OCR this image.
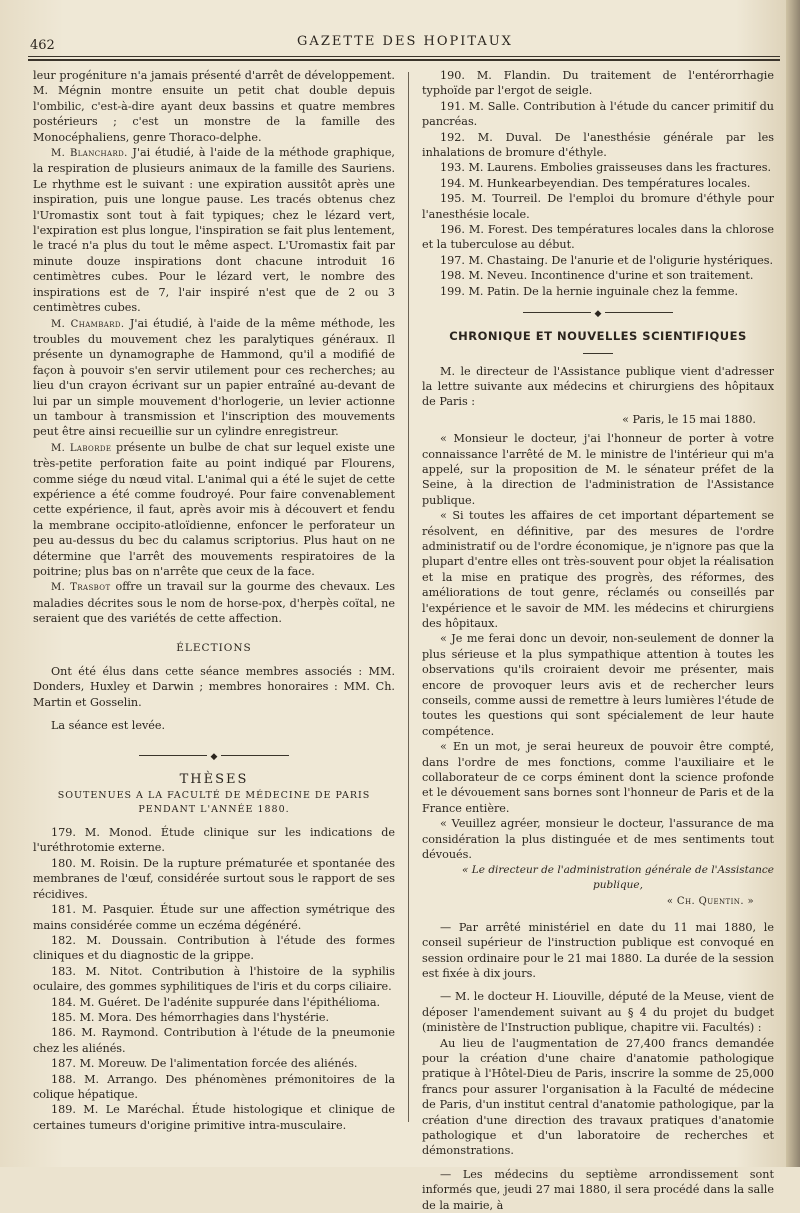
462	GAZETTE DES HOPITAUX

leur progéniture n'a jamais présenté d'arrêt de développement. M. Mégnin montre ensuite un petit chat double depuis l'ombilic, c'est-à-dire ayant deux bassins et quatre membres postérieurs ; c'est un monstre de la famille des Monocéphaliens, genre Thoraco-delphe.

M. Blanchard. J'ai étudié, à l'aide de la méthode graphique, la respiration de plusieurs animaux de la famille des Sauriens. Le rhythme est le suivant : une expiration aussitôt après une inspiration, puis une longue pause. Les tracés obtenus chez l'Uromastix sont tout à fait typiques; chez le lézard vert, l'expiration est plus longue, l'inspiration se fait plus lentement, le tracé n'a plus du tout le même aspect. L'Uromastix fait par minute douze inspirations dont chacune introduit 16 centimètres cubes. Pour le lézard vert, le nombre des inspirations est de 7, l'air inspiré n'est que de 2 ou 3 centimètres cubes.

M. Chambard. J'ai étudié, à l'aide de la même méthode, les troubles du mouvement chez les paralytiques généraux. Il présente un dynamographe de Hammond, qu'il a modifié de façon à pouvoir s'en servir utilement pour ces recherches; au lieu d'un crayon écrivant sur un papier entraîné au-devant de lui par un simple mouvement d'horlogerie, un levier actionne un tambour à transmission et l'inscription des mouvements peut être ainsi recueillie sur un cylindre enregistreur.

M. Laborde présente un bulbe de chat sur lequel existe une très-petite perforation faite au point indiqué par Flourens, comme siége du nœud vital. L'animal qui a été le sujet de cette expérience a été comme foudroyé. Pour faire convenablement cette expérience, il faut, après avoir mis à découvert et fendu la membrane occipito-atloïdienne, enfoncer le perforateur un peu au-dessus du bec du calamus scriptorius. Plus haut on ne détermine que l'arrêt des mouvements respiratoires de la poitrine; plus bas on n'arrête que ceux de la face.

M. Trasbot offre un travail sur la gourme des chevaux. Les maladies décrites sous le nom de horse-pox, d'herpès coïtal, ne seraient que des variétés de cette affection.

ÉLECTIONS

Ont été élus dans cette séance membres associés : MM. Donders, Huxley et Darwin ; membres honoraires : MM. Ch. Martin et Gosselin.

La séance est levée.

◆
THÈSES
SOUTENUES A LA FACULTÉ DE MÉDECINE DE PARIS PENDANT L'ANNÉE 1880.

179. M. Monod. Étude clinique sur les indications de l'uréthrotomie externe.

180. M. Roisin. De la rupture prématurée et spontanée des membranes de l'œuf, considérée surtout sous le rapport de ses récidives.

181. M. Pasquier. Étude sur une affection symétrique des mains considérée comme un eczéma dégénéré.

182. M. Doussain. Contribution à l'étude des formes cliniques et du diagnostic de la grippe.

183. M. Nitot. Contribution à l'histoire de la syphilis oculaire, des gommes syphilitiques de l'iris et du corps ciliaire.

184. M. Guéret. De l'adénite suppurée dans l'épithélioma.

185. M. Mora. Des hémorrhagies dans l'hystérie.

186. M. Raymond. Contribution à l'étude de la pneumonie chez les aliénés.

187. M. Moreuw. De l'alimentation forcée des aliénés.

188. M. Arrango. Des phénomènes prémonitoires de la colique hépatique.

189. M. Le Maréchal. Étude histologique et clinique de certaines tumeurs d'origine primitive intra-musculaire.

190. M. Flandin. Du traitement de l'entérorrhagie typhoïde par l'ergot de seigle.

191. M. Salle. Contribution à l'étude du cancer primitif du pancréas.

192. M. Duval. De l'anesthésie générale par les inhalations de bromure d'éthyle.

193. M. Laurens. Embolies graisseuses dans les fractures.

194. M. Hunkearbeyendian. Des températures locales.

195. M. Tourreil. De l'emploi du bromure d'éthyle pour l'anesthésie locale.

196. M. Forest. Des températures locales dans la chlorose et la tuberculose au début.

197. M. Chastaing. De l'anurie et de l'oligurie hystériques.

198. M. Neveu. Incontinence d'urine et son traitement.

199. M. Patin. De la hernie inguinale chez la femme.

◆
CHRONIQUE ET NOUVELLES SCIENTIFIQUES

M. le directeur de l'Assistance publique vient d'adresser la lettre suivante aux médecins et chirurgiens des hôpitaux de Paris :

« Paris, le 15 mai 1880.

« Monsieur le docteur, j'ai l'honneur de porter à votre connaissance l'arrêté de M. le ministre de l'intérieur qui m'a appelé, sur la proposition de M. le sénateur préfet de la Seine, à la direction de l'administration de l'Assistance publique.

« Si toutes les affaires de cet important département se résolvent, en définitive, par des mesures de l'ordre administratif ou de l'ordre économique, je n'ignore pas que la plupart d'entre elles ont très-souvent pour objet la réalisation et la mise en pratique des progrès, des réformes, des améliorations de tout genre, réclamés ou conseillés par l'expérience et le savoir de MM. les médecins et chirurgiens des hôpitaux.

« Je me ferai donc un devoir, non-seulement de donner la plus sérieuse et la plus sympathique attention à toutes les observations qu'ils croiraient devoir me présenter, mais encore de provoquer leurs avis et de rechercher leurs conseils, comme aussi de remettre à leurs lumières l'étude de toutes les questions qui sont spécialement de leur haute compétence.

« En un mot, je serai heureux de pouvoir être compté, dans l'ordre de mes fonctions, comme l'auxiliaire et le collaborateur de ce corps éminent dont la science profonde et le dévouement sans bornes sont l'honneur de Paris et de la France entière.

« Veuillez agréer, monsieur le docteur, l'assurance de ma considération la plus distinguée et de mes sentiments tout dévoués.

« Le directeur de l'administration générale de l'Assistance publique,

« Ch. Quentin. »

— Par arrêté ministériel en date du 11 mai 1880, le conseil supérieur de l'instruction publique est convoqué en session ordinaire pour le 21 mai 1880. La durée de la session est fixée à dix jours.

— M. le docteur H. Liouville, député de la Meuse, vient de déposer l'amendement suivant au § 4 du projet du budget (ministère de l'Instruction publique, chapitre vii. Facultés) :

Au lieu de l'augmentation de 27,400 francs demandée pour la création d'une chaire d'anatomie pathologique pratique à l'Hôtel-Dieu de Paris, inscrire la somme de 25,000 francs pour assurer l'organisation à la Faculté de médecine de Paris, d'un institut central d'anatomie pathologique, par la création d'une direction des travaux pratiques d'anatomie pathologique et d'un laboratoire de recherches et démonstrations.

— Les médecins du septième arrondissement sont informés que, jeudi 27 mai 1880, il sera procédé dans la salle de la mairie, à
